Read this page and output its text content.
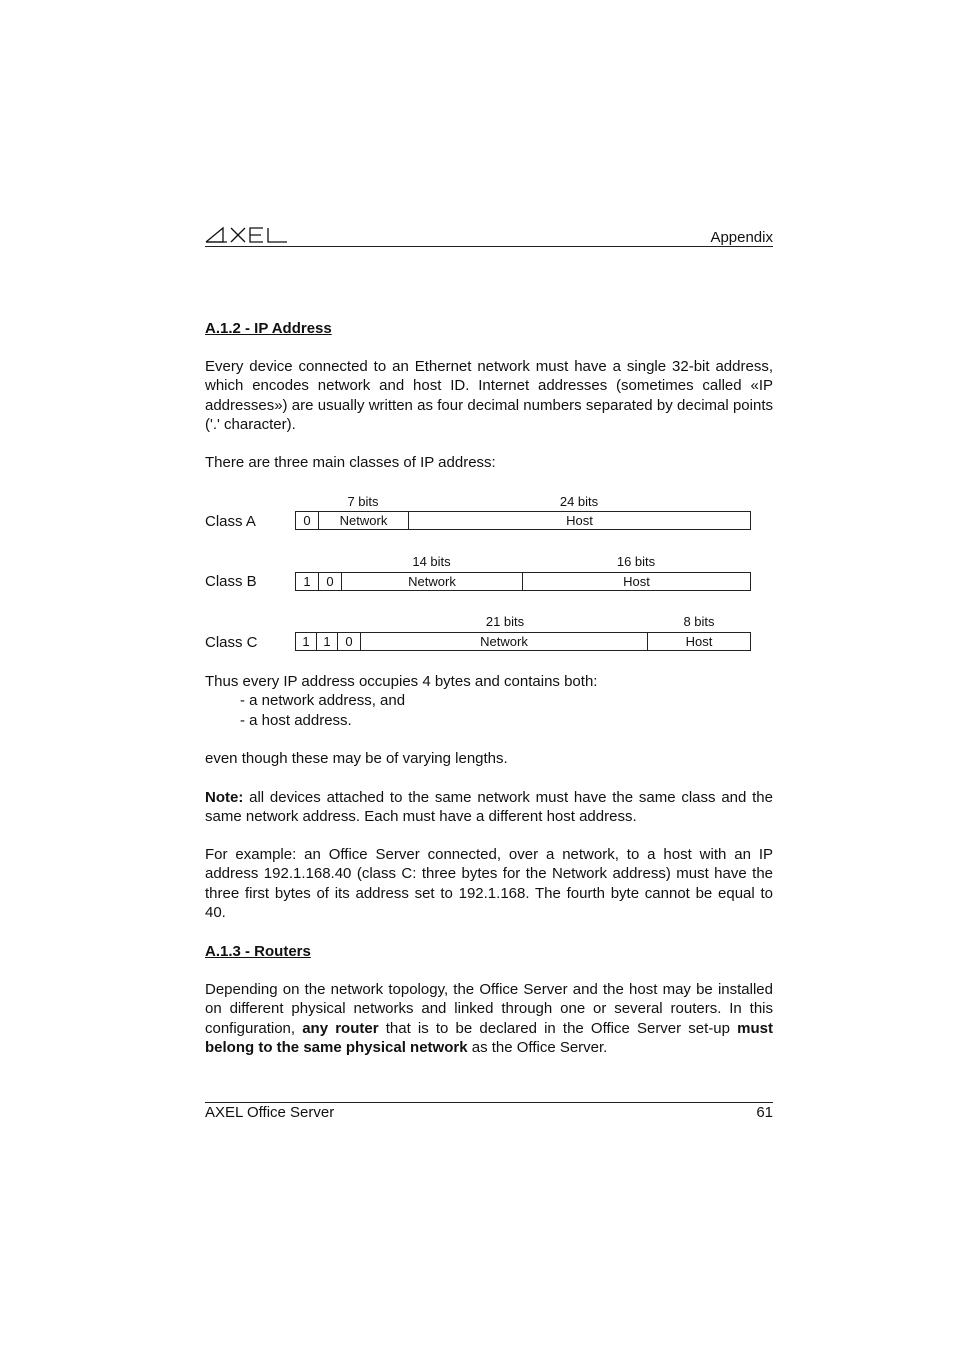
Appendix
A.1.2 - IP Address
Every device connected to an Ethernet network must have a single 32-bit address, which encodes network and host ID. Internet addresses (sometimes called «IP addresses») are usually written as four decimal numbers separated by decimal points ('.' character).
There are three main classes of IP address:
7 bits	24 bits
Class A	0	Network	Host
14 bits	16 bits
Class B	1	0	Network	Host
21 bits	8 bits
Class C	1	1	0	Network	Host
Thus every IP address occupies 4 bytes and contains both:
- a network address, and
- a host address.
even though these may be of varying lengths.
Note: all devices attached to the same network must have the same class and the same network address. Each must have a different host address.
For example: an Office Server connected, over a network, to a host with an IP address 192.1.168.40 (class C: three bytes for the Network address) must have the three first bytes of its address set to 192.1.168. The fourth byte cannot be equal to 40.
A.1.3 - Routers
Depending on the network topology, the Office Server and the host may be installed on different physical networks and linked through one or several routers. In this configuration, any router that is to be declared in the Office Server set-up must belong to the same physical network as the Office Server.
AXEL Office Server	61
